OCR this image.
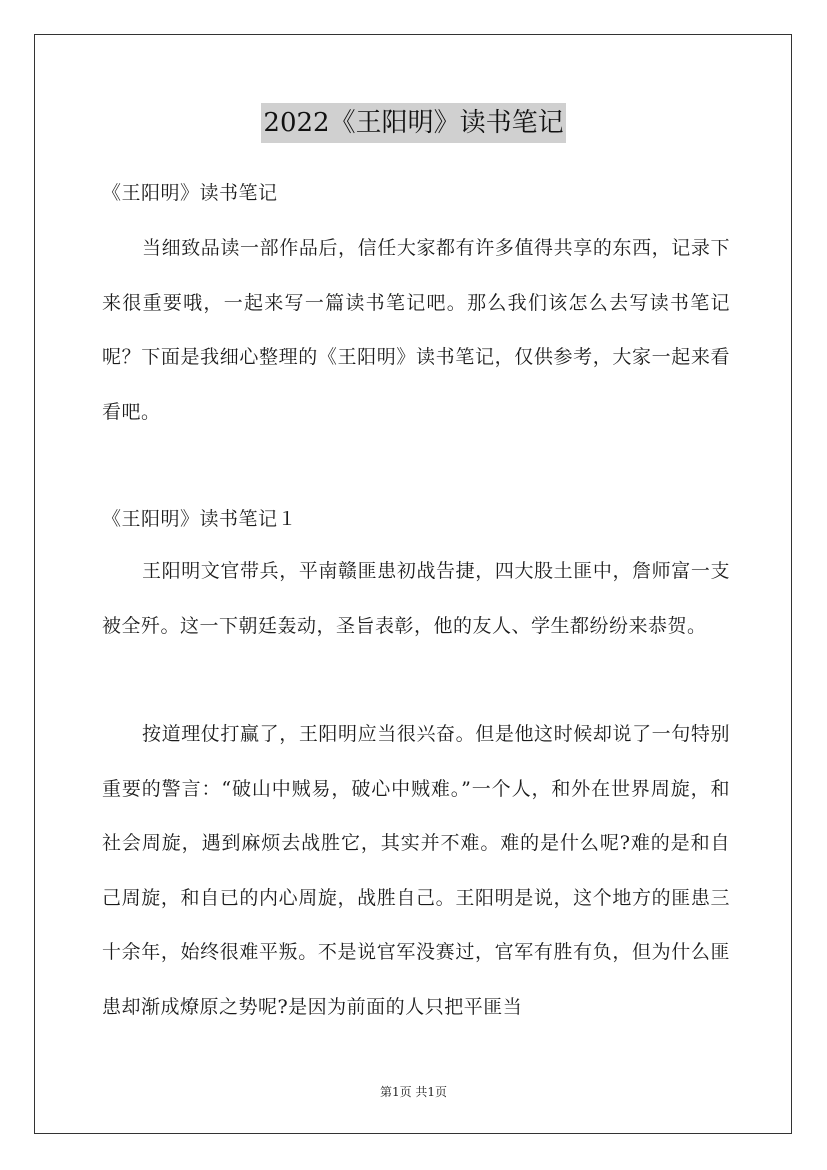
2022《王阳明》读书笔记
《王阳明》读书笔记
当细致品读一部作品后，信任大家都有许多值得共享的东西，记录下来很重要哦，一起来写一篇读书笔记吧。那么我们该怎么去写读书笔记呢？下面是我细心整理的《王阳明》读书笔记，仅供参考，大家一起来看看吧。
《王阳明》读书笔记１
王阳明文官带兵，平南赣匪患初战告捷，四大股土匪中，詹师富一支被全歼。这一下朝廷轰动，圣旨表彰，他的友人、学生都纷纷来恭贺。
按道理仗打赢了，王阳明应当很兴奋。但是他这时候却说了一句特别重要的警言：“破山中贼易，破心中贼难。”一个人，和外在世界周旋，和社会周旋，遇到麻烦去战胜它，其实并不难。难的是什么呢?难的是和自己周旋，和自已的内心周旋，战胜自己。王阳明是说，这个地方的匪患三十余年，始终很难平叛。不是说官军没赛过，官军有胜有负，但为什么匪患却渐成燎原之势呢?是因为前面的人只把平匪当
第1页 共1页
